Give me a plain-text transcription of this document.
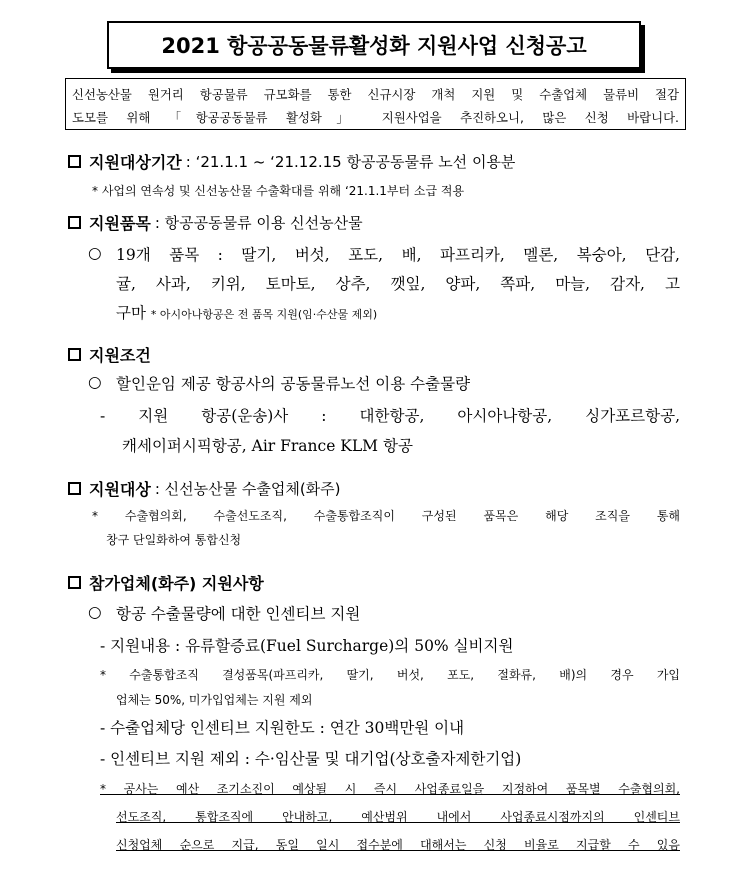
2021 항공공동물류활성화 지원사업 신청공고
신선농산물 원거리 항공물류 규모화를 통한 신규시장 개척 지원 및 수출업체 물류비 절감
도모를 위해 「항공공동물류 활성화」 지원사업을 추진하오니, 많은 신청 바랍니다.
지원대상기간 : ‘21.1.1 ~ ‘21.12.15 항공공동물류 노선 이용분
* 사업의 연속성 및 신선농산물 수출확대를 위해 ‘21.1.1부터 소급 적용
지원품목 : 항공공동물류 이용 신선농산물
○ 19개 품목 : 딸기, 버섯, 포도, 배, 파프리카, 멜론, 복숭아, 단감,
귤, 사과, 키위, 토마토, 상추, 깻잎, 양파, 쪽파, 마늘, 감자, 고
구마 * 아시아나항공은 전 품목 지원(임·수산물 제외)
지원조건
○ 할인운임 제공 항공사의 공동물류노선 이용 수출물량
- 지원 항공(운송)사 : 대한항공, 아시아나항공, 싱가포르항공,
캐세이퍼시픽항공, Air France KLM 항공
지원대상 : 신선농산물 수출업체(화주)
* 수출협의회, 수출선도조직, 수출통합조직이 구성된 품목은 해당 조직을 통해
창구 단일화하여 통합신청
참가업체(화주) 지원사항
○ 항공 수출물량에 대한 인센티브 지원
- 지원내용 : 유류할증료(Fuel Surcharge)의 50% 실비지원
* 수출통합조직 결성품목(파프리카, 딸기, 버섯, 포도, 절화류, 배)의 경우 가입
업체는 50%, 미가입업체는 지원 제외
- 수출업체당 인센티브 지원한도 : 연간 30백만원 이내
- 인센티브 지원 제외 : 수·임산물 및 대기업(상호출자제한기업)
* 공사는 예산 조기소진이 예상될 시 즉시 사업종료일을 지정하여 품목별 수출협의회,
선도조직, 통합조직에 안내하고, 예산범위 내에서 사업종료시점까지의 인센티브
신청업체 순으로 지급, 동일 일시 접수분에 대해서는 신청 비율로 지급할 수 있음
